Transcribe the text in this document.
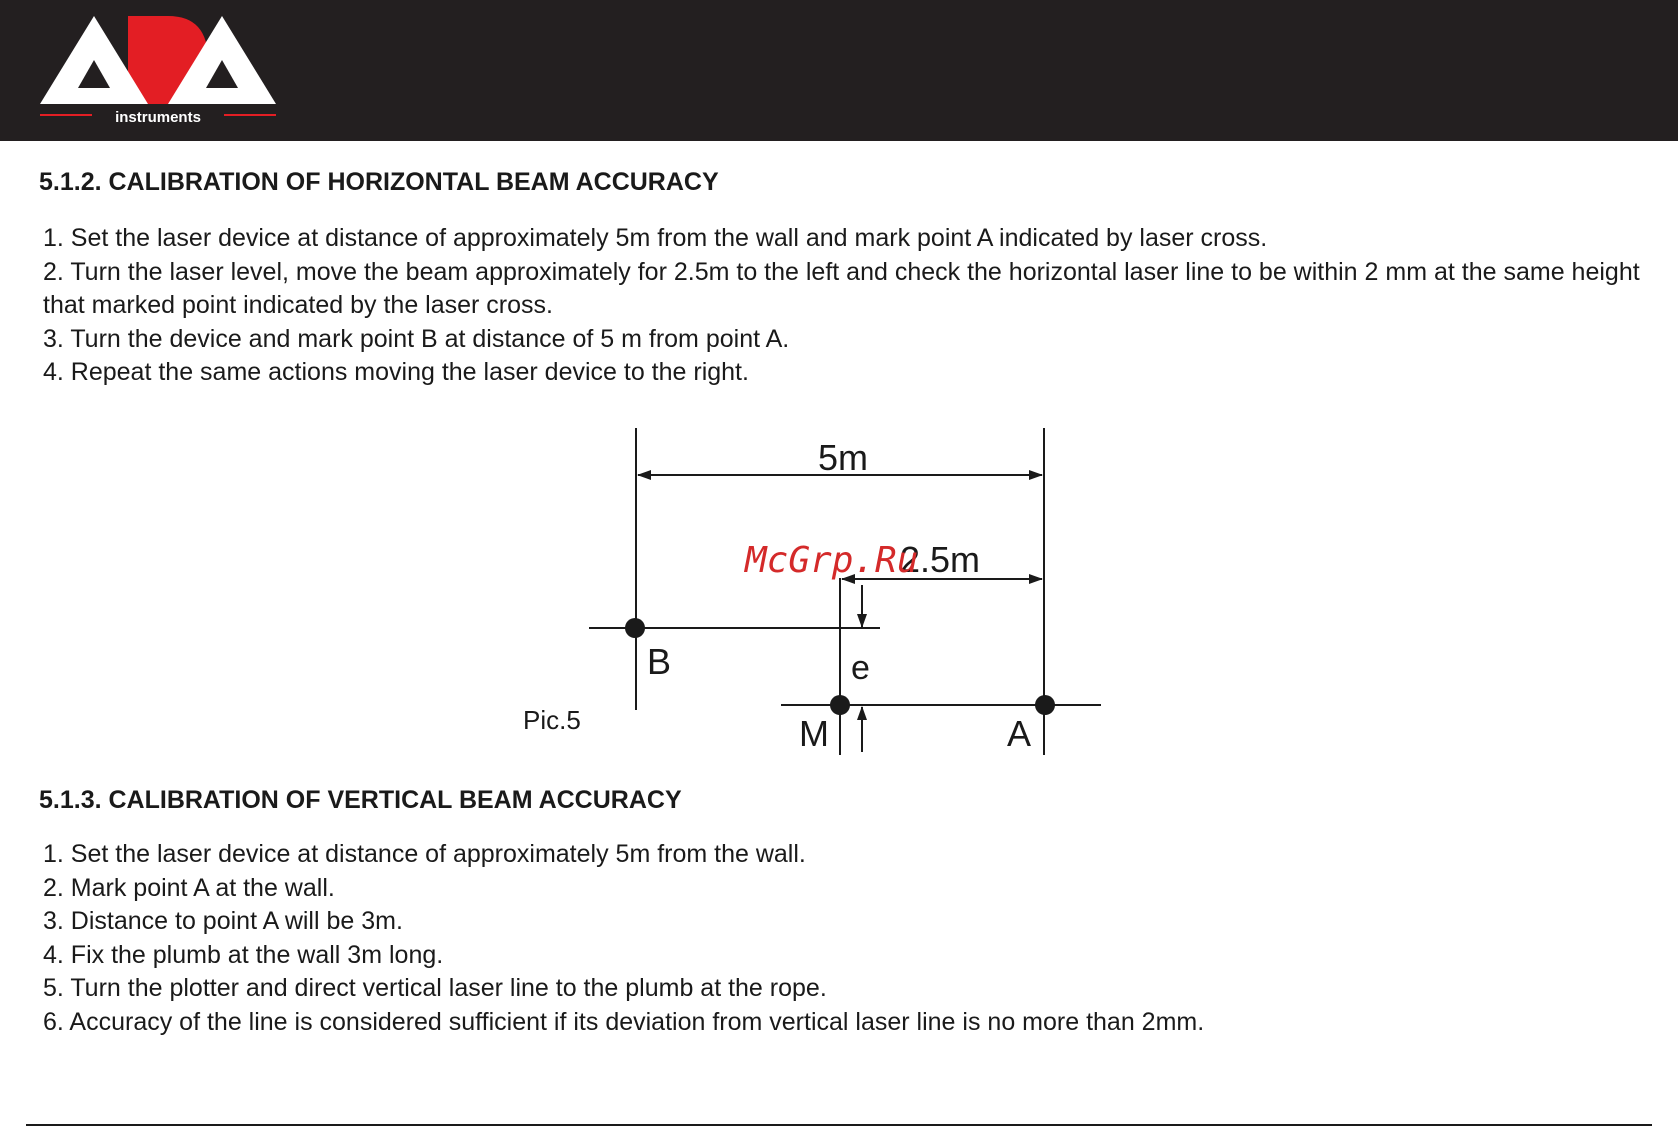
instruments
5.1.2. CALIBRATION OF HORIZONTAL BEAM ACCURACY
1. Set the laser device at distance of approximately 5m from the wall and mark point A indicated by laser cross.
2. Turn the laser level, move the beam approximately for 2.5m to the left and check the horizontal laser line to be within 2 mm at the same height that marked point indicated by the laser cross.
3. Turn the device and mark point B at distance of 5 m from point A.
4. Repeat the same actions moving the laser device to the right.
5m
2.5m
B	e
M	A
Pic.5

McGrp.Ru

5.1.3. CALIBRATION OF VERTICAL BEAM ACCURACY
1. Set the laser device at distance of approximately 5m from the wall.
2. Mark point A at the wall.
3. Distance to point A will be 3m.
4. Fix the plumb at the wall 3m long.
5. Turn the plotter and direct vertical laser line to the plumb at the rope.
6. Accuracy of the line is considered sufficient if its deviation from vertical laser line is no more than 2mm.
